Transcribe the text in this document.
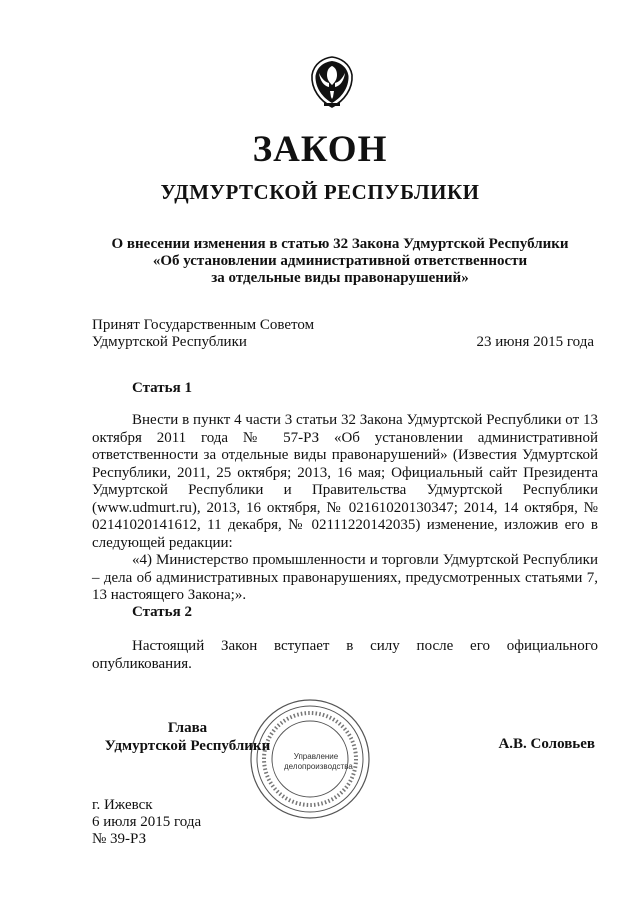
ЗАКОН
УДМУРТСКОЙ РЕСПУБЛИКИ
О внесении изменения в статью 32 Закона Удмуртской Республики
«Об установлении административной ответственности
за отдельные виды правонарушений»
Принят Государственным Советом
Удмуртской Республики	23 июня 2015 года
Статья 1
Внести в пункт 4 части 3 статьи 32 Закона Удмуртской Республики от 13 октября 2011 года № 57-РЗ «Об установлении административной ответственности за отдельные виды правонарушений» (Известия Удмуртской Республики, 2011, 25 октября; 2013, 16 мая; Официальный сайт Президента Удмуртской Республики и Правительства Удмуртской Республики (www.udmurt.ru), 2013, 16 октября, № 02161020130347; 2014, 14 октября, № 02141020141612, 11 декабря, № 02111220142035) изменение, изложив его в следующей редакции:
«4) Министерство промышленности и торговли Удмуртской Республики – дела об административных правонарушениях, предусмотренных статьями 7, 13 настоящего Закона;».
Статья 2
Настоящий Закон вступает в силу после его официального опубликования.
Управление
делопроизводства
Глава
Удмуртской Республики	А.В. Соловьев
г. Ижевск
6 июля 2015 года
№ 39-РЗ
